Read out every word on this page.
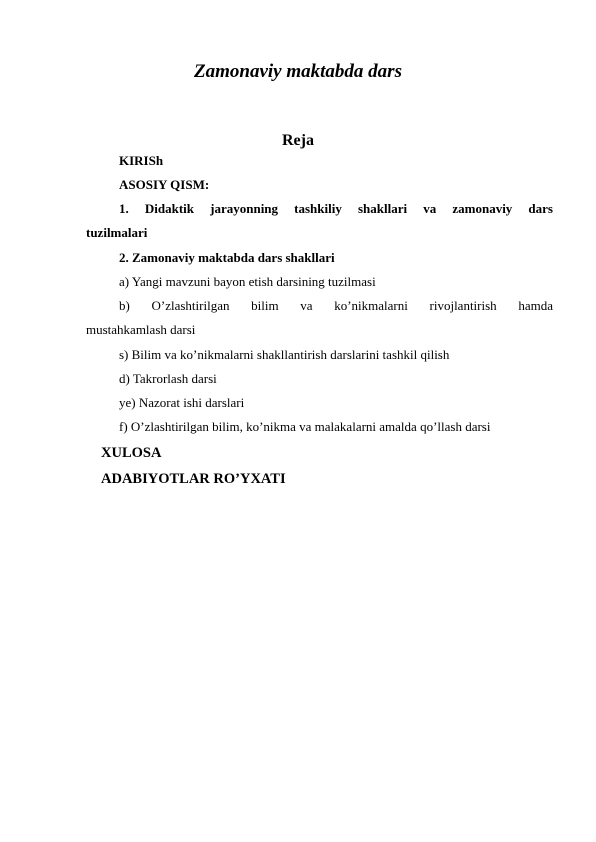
Zamonaviy maktabda dars
Reja

KIRISh

ASOSIY QISM:

1. Didaktik jarayonning tashkiliy shakllari va zamonaviy dars

tuzilmalari

2. Zamonaviy maktabda dars shakllari

a) Yangi mavzuni bayon etish darsining tuzilmasi

b) O’zlashtirilgan bilim va ko’nikmalarni rivojlantirish hamda

mustahkamlash darsi

s) Bilim va ko’nikmalarni shakllantirish darslarini tashkil qilish

d) Takrorlash darsi

ye) Nazorat ishi darslari

f) O’zlashtirilgan bilim, ko’nikma va malakalarni amalda qo’llash darsi

XULOSA

ADABIYOTLAR RO’YXATI
